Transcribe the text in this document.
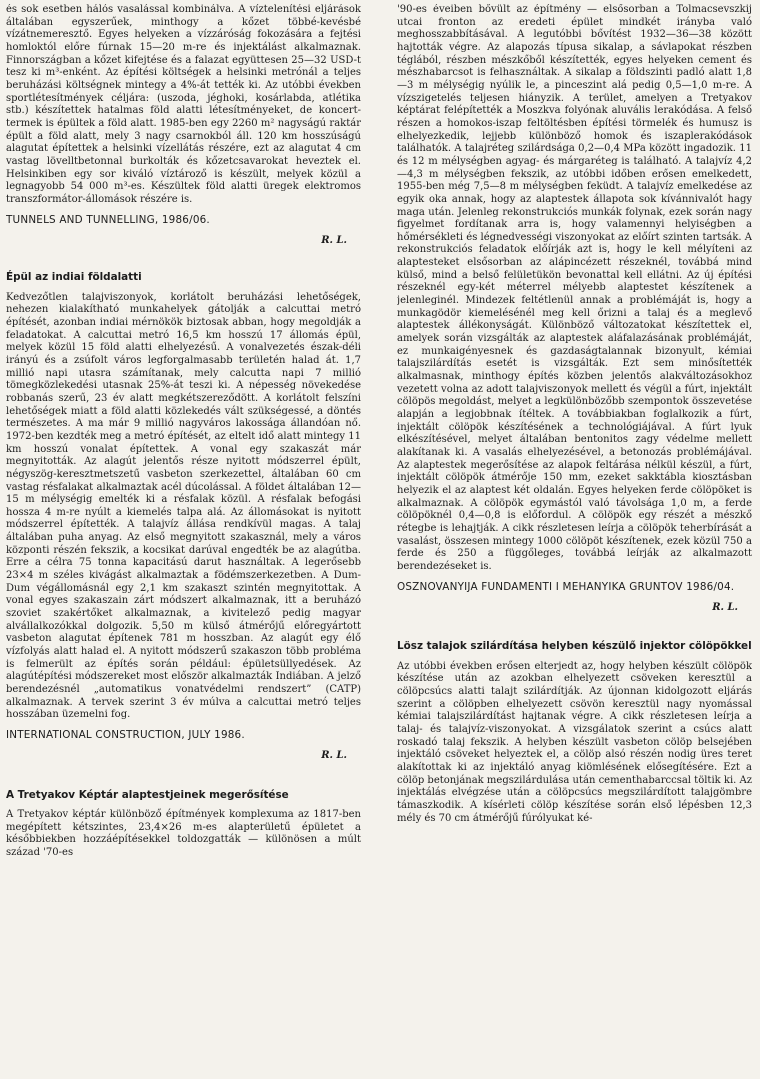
és sok esetben hálós vasalással kombinálva. A víztelenítési eljárások általában egyszerűek, minthogy a kőzet többé-kevésbé vízátnemeresztő. Egyes helyeken a vízzáróság fokozására a fejtési homloktól előre fúrnak 15—20 m-re és injektálást alkalmaznak. Finnországban a kőzet kifejtése és a falazat együttesen 25—32 USD-t tesz ki m³-enként. Az építési költségek a helsinki metrónál a teljes beruházási költségnek mintegy a 4%-át tették ki. Az utóbbi években sportlétesítmények céljára: (uszoda, jéghoki, kosárlabda, atlétika stb.) készítettek hatalmas föld alatti létesítményeket, de koncert-termek is épültek a föld alatt. 1985-ben egy 2260 m² nagyságú raktár épült a föld alatt, mely 3 nagy csarnokból áll. 120 km hosszúságú alagutat építettek a helsinki vízellátás részére, ezt az alagutat 4 cm vastag lövelltbetonnal burkolták és kőzetcsavarokat heveztek el. Helsinkiben egy sor kiváló víztároző is készült, melyek közül a legnagyobb 54 000 m³-es. Készültek föld alatti üregek elektromos transzformátor-állomások részére is.

TUNNELS AND TUNNELLING, 1986/06.
R. L.
Épül az indiai földalatti

Kedvezőtlen talajviszonyok, korlátolt beruházási lehetőségek, nehezen kialakítható munkahelyek gátolják a calcuttai metró építését, azonban indiai mérnökök biztosak abban, hogy megoldják a feladatokat. A calcuttai metró 16,5 km hosszú 17 állomás épül, melyek közül 15 föld alatti elhelyezésű. A vonalvezetés észak-déli irányú és a zsúfolt város legforgalmasabb területén halad át. 1,7 millió napi utasra számítanak, mely calcutta napi 7 millió tömegközlekedési utasnak 25%-át teszi ki. A népesség növekedése robbanás szerű, 23 év alatt megkétszereződött. A korlátolt felszíni lehetőségek miatt a föld alatti közlekedés vált szükségessé, a döntés természetes. A ma már 9 millió nagyváros lakossága állandóan nő. 1972-ben kezdték meg a metró építését, az eltelt idő alatt mintegy 11 km hosszú vonalat építettek. A vonal egy szakaszát már megnyitották. Az alagút jelentős része nyitott módszerrel épült, négyszög-keresztmetszetű vasbeton szerkezettel, általában 60 cm vastag résfalakat alkalmaztak acél dúcolással. A földet általában 12—15 m mélységig emelték ki a résfalak közül. A résfalak befogási hossza 4 m-re nyúlt a kiemelés talpa alá. Az állomásokat is nyitott módszerrel építették. A talajvíz állása rendkívül magas. A talaj általában puha anyag. Az első megnyitott szakasznál, mely a város központi részén fekszik, a kocsikat darúval engedték be az alagútba. Erre a célra 75 tonna kapacitású darut használtak. A legerősebb 23×4 m széles kivágást alkalmaztak a födémszerkezetben. A Dum-Dum végállomásnál egy 2,1 km szakaszt szintén megnyitottak. A vonal egyes szakaszain zárt módszert alkalmaznak, itt a beruházó szoviet szakértőket alkalmaznak, a kivitelező pedig magyar alvállalkozókkal dolgozik. 5,50 m külső átmérőjű előregyártott vasbeton alagutat építenek 781 m hosszban. Az alagút egy élő vízfolyás alatt halad el. A nyitott módszerű szakaszon több probléma is felmerült az építés során például: épületsüllyedések. Az alagútépítési módszereket most először alkalmazták Indiában. A jelző berendezésnél „automatikus vonatvédelmi rendszert” (CATP) alkalmaznak. A tervek szerint 3 év múlva a calcuttai metró teljes hosszában üzemelni fog.

INTERNATIONAL CONSTRUCTION, JULY 1986.
R. L.
A Tretyakov Képtár alaptestjeinek megerősítése

A Tretyakov képtár különböző építmények komplexuma az 1817-ben megépített kétszintes, 23,4×26 m-es alapterületű épületet a későbbiekben hozzáépítésekkel toldozgatták — különösen a múlt század '70-es

'90-es éveiben bővült az építmény — elsősorban a Tolmacsevszkij utcai fronton az eredeti épület mindkét irányba való meghosszabbításával. A legutóbbi bővítést 1932—36—38 között hajtották végre. Az alapozás típusa sikalap, a sávlapokat részben téglából, részben mészkőből készítették, egyes helyeken cement és mészhabarcsot is felhasználtak. A sikalap a földszinti padló alatt 1,8—3 m mélységig nyúlik le, a pinceszint alá pedig 0,5—1,0 m-re. A vízszigetelés teljesen hiányzik. A terület, amelyen a Tretyakov képtárat felépítették a Moszkva folyónak aluvális lerakódása. A felső részen a homokos-iszap feltöltésben építési törmelék és humusz is elhelyezkedik, lejjebb különböző homok és iszaplerakódások találhatók. A talajréteg szilárdsága 0,2—0,4 MPa között ingadozik. 11 és 12 m mélységben agyag- és márgaréteg is található. A talajvíz 4,2—4,3 m mélységben fekszik, az utóbbi időben erősen emelkedett, 1955-ben még 7,5—8 m mélységben feküdt. A talajvíz emelkedése az egyik oka annak, hogy az alaptestek állapota sok kívánnivalót hagy maga után. Jelenleg rekonstrukciós munkák folynak, ezek során nagy figyelmet fordítanak arra is, hogy valamennyi helyiségben a hőmérsékleti és légnedvességi viszonyokat az előírt szinten tartsák. A rekonstrukciós feladatok előírják azt is, hogy le kell mélyíteni az alaptesteket elsősorban az alápincézett részeknél, továbbá mind külső, mind a belső felületükön bevonattal kell ellátni. Az új építési részeknél egy-két méterrel mélyebb alaptestet készítenek a jelenleginél. Mindezek feltétlenül annak a problémáját is, hogy a munkagödör kiemelésénél meg kell őrizni a talaj és a meglevő alaptestek állékonyságát. Különböző változatokat készítettek el, amelyek során vizsgálták az alaptestek aláfalazásának problémáját, ez munkaigényesnek és gazdaságtalannak bizonyult, kémiai talajszilárdítás esetét is vizsgálták. Ezt sem minősítették alkalmasnak, minthogy építés közben jelentős alakváltozásokhoz vezetett volna az adott talajviszonyok mellett és végül a fúrt, injektált cölöpös megoldást, melyet a legkülönbözőbb szempontok összevetése alapján a legjobbnak ítéltek. A továbbiakban foglalkozik a fúrt, injektált cölöpök készítésének a technológiájával. A fúrt lyuk elkészítésével, melyet általában bentonitos zagy védelme mellett alakítanak ki. A vasalás elhelyezésével, a betonozás problémájával. Az alaptestek megerősítése az alapok feltárása nélkül készül, a fúrt, injektált cölöpök átmérője 150 mm, ezeket sakktábla kiosztásban helyezik el az alaptest két oldalán. Egyes helyeken ferde cölöpöket is alkalmaznak. A cölöpök egymástól való távolsága 1,0 m, a ferde cölöpöknél 0,4—0,8 is előfordul. A cölöpök egy részét a mészkő rétegbe is lehajtják. A cikk részletesen leírja a cölöpök teherbírását a vasalást, összesen mintegy 1000 cölöpöt készítenek, ezek közül 750 a ferde és 250 a függőleges, továbbá leírják az alkalmazott berendezéseket is.

OSZNOVANYIJA FUNDAMENTI I MEHANYIKA GRUNTOV 1986/04.
R. L.
Lösz talajok szilárdítása helyben készülő injektor cölöpökkel

Az utóbbi években erősen elterjedt az, hogy helyben készült cölöpök készítése után az azokban elhelyezett csöveken keresztül a cölöpcsúcs alatti talajt szilárdítják. Az újonnan kidolgozott eljárás szerint a cölöpben elhelyezett csövön keresztül nagy nyomással kémiai talajszilárdítást hajtanak végre. A cikk részletesen leírja a talaj- és talajvíz-viszonyokat. A vizsgálatok szerint a csúcs alatt roskadó talaj fekszik. A helyben készült vasbeton cölöp belsejében injektáló csöveket helyeztek el, a cölöp alsó részén nodig üres teret alakítottak ki az injektáló anyag kiömlésének elősegítésére. Ezt a cölöp betonjának megszilárdulása után cementhabarccsal töltik ki. Az injektálás elvégzése után a cölöpcsúcs megszilárdított talajgömbre támaszkodik. A kísérleti cölöp készítése során első lépésben 12,3 mély és 70 cm átmérőjű fúrólyukat ké-
